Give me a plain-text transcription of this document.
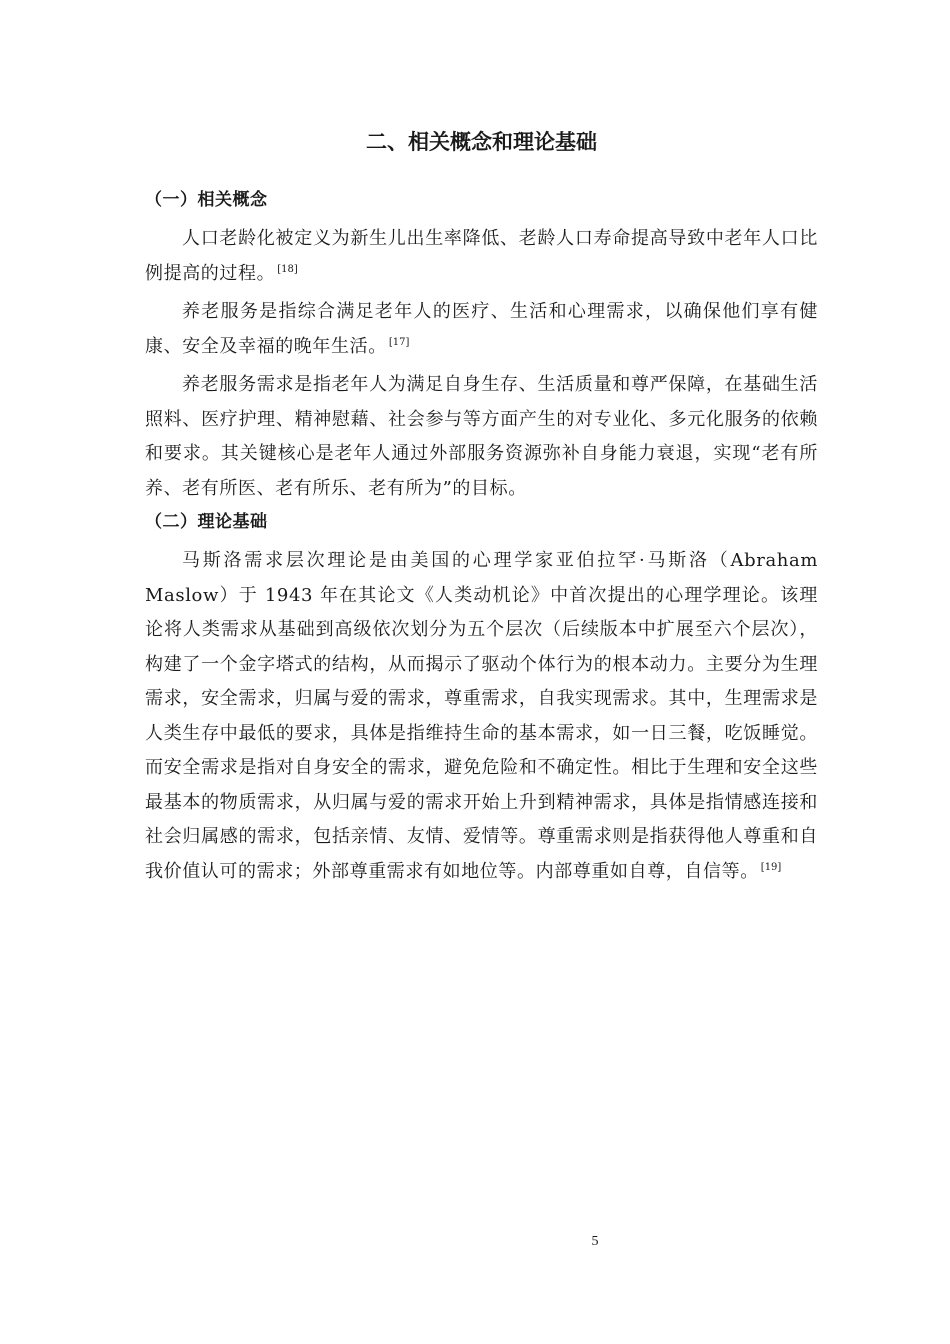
二、相关概念和理论基础
（一）相关概念

人口老龄化被定义为新生儿出生率降低、老龄人口寿命提高导致中老年人口比例提高的过程。 [18]

养老服务是指综合满足老年人的医疗、生活和心理需求，以确保他们享有健康、安全及幸福的晚年生活。 [17]

养老服务需求是指老年人为满足自身生存、生活质量和尊严保障，在基础生活照料、医疗护理、精神慰藉、社会参与等方面产生的对专业化、多元化服务的依赖和要求。其关键核心是老年人通过外部服务资源弥补自身能力衰退，实现“老有所养、老有所医、老有所乐、老有所为”的目标。

（二）理论基础

马斯洛需求层次理论是由美国的心理学家亚伯拉罕·马斯洛（Abraham Maslow）于 1943 年在其论文《人类动机论》中首次提出的心理学理论。该理论将人类需求从基础到高级依次划分为五个层次（后续版本中扩展至六个层次），构建了一个金字塔式的结构，从而揭示了驱动个体行为的根本动力。主要分为生理需求，安全需求，归属与爱的需求，尊重需求，自我实现需求。其中，生理需求是人类生存中最低的要求，具体是指维持生命的基本需求，如一日三餐，吃饭睡觉。而安全需求是指对自身安全的需求，避免危险和不确定性。相比于生理和安全这些最基本的物质需求，从归属与爱的需求开始上升到精神需求，具体是指情感连接和社会归属感的需求，包括亲情、友情、爱情等。尊重需求则是指获得他人尊重和自我价值认可的需求；外部尊重需求有如地位等。内部尊重如自尊，自信等。 [19]

5
